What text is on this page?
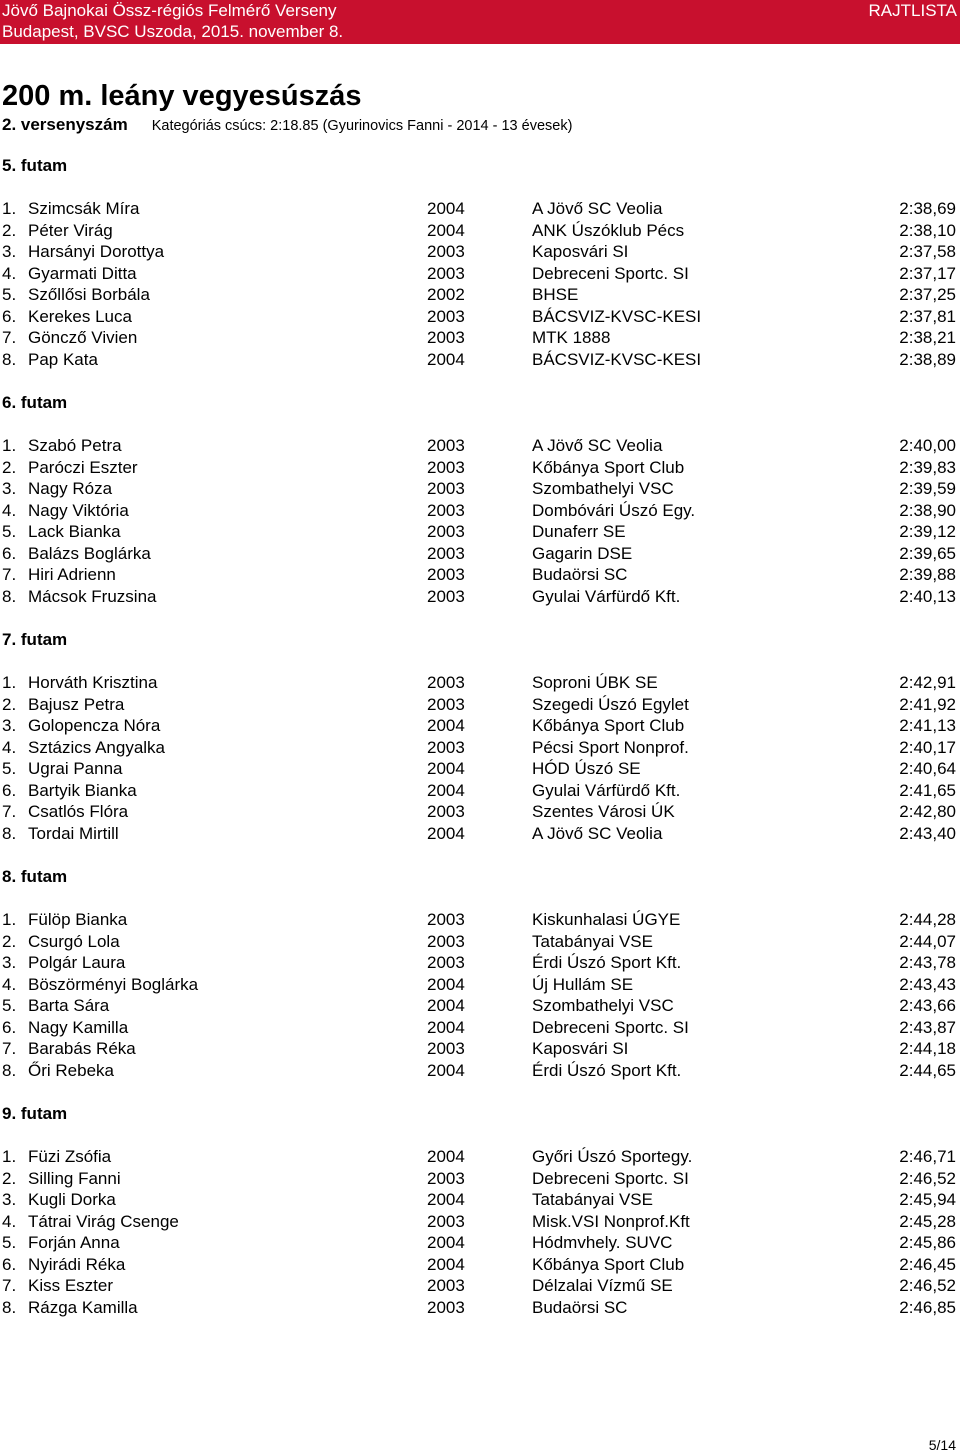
Jövő Bajnokai Össz-régiós Felmérő Verseny
Budapest, BVSC Uszoda, 2015. november 8.
RAJTLISTA
200 m. leány vegyesúszás
2. versenyszám Kategóriás csúcs: 2:18.85 (Gyurinovics Fanni - 2014 - 13 évesek)
5. futam
1. Szimcsák Míra	2004	A Jövő SC Veolia	2:38,69
2. Péter Virág	2004	ANK Úszóklub Pécs	2:38,10
3. Harsányi Dorottya	2003	Kaposvári SI	2:37,58
4. Gyarmati Ditta	2003	Debreceni Sportc. SI	2:37,17
5. Szőllősi Borbála	2002	BHSE	2:37,25
6. Kerekes Luca	2003	BÁCSVIZ-KVSC-KESI	2:37,81
7. Göncző Vivien	2003	MTK 1888	2:38,21
8. Pap Kata	2004	BÁCSVIZ-KVSC-KESI	2:38,89
6. futam
1. Szabó Petra	2003	A Jövő SC Veolia	2:40,00
2. Paróczi Eszter	2003	Kőbánya Sport Club	2:39,83
3. Nagy Róza	2003	Szombathelyi VSC	2:39,59
4. Nagy Viktória	2003	Dombóvári Úszó Egy.	2:38,90
5. Lack Bianka	2003	Dunaferr SE	2:39,12
6. Balázs Boglárka	2003	Gagarin DSE	2:39,65
7. Hiri Adrienn	2003	Budaörsi SC	2:39,88
8. Mácsok Fruzsina	2003	Gyulai Várfürdő Kft.	2:40,13
7. futam
1. Horváth Krisztina	2003	Soproni ÚBK SE	2:42,91
2. Bajusz Petra	2003	Szegedi Úszó Egylet	2:41,92
3. Golopencza Nóra	2004	Kőbánya Sport Club	2:41,13
4. Sztázics Angyalka	2003	Pécsi Sport Nonprof.	2:40,17
5. Ugrai Panna	2004	HÓD Úszó SE	2:40,64
6. Bartyik Bianka	2004	Gyulai Várfürdő Kft.	2:41,65
7. Csatlós Flóra	2003	Szentes Városi ÚK	2:42,80
8. Tordai Mirtill	2004	A Jövő SC Veolia	2:43,40
8. futam
1. Fülöp Bianka	2003	Kiskunhalasi ÚGYE	2:44,28
2. Csurgó Lola	2003	Tatabányai VSE	2:44,07
3. Polgár Laura	2003	Érdi Úszó Sport Kft.	2:43,78
4. Böszörményi Boglárka	2004	Új Hullám SE	2:43,43
5. Barta Sára	2004	Szombathelyi VSC	2:43,66
6. Nagy Kamilla	2004	Debreceni Sportc. SI	2:43,87
7. Barabás Réka	2003	Kaposvári SI	2:44,18
8. Őri Rebeka	2004	Érdi Úszó Sport Kft.	2:44,65
9. futam
1. Füzi Zsófia	2004	Győri Úszó Sportegy.	2:46,71
2. Silling Fanni	2003	Debreceni Sportc. SI	2:46,52
3. Kugli Dorka	2004	Tatabányai VSE	2:45,94
4. Tátrai Virág Csenge	2003	Misk.VSI Nonprof.Kft	2:45,28
5. Forján Anna	2004	Hódmvhely. SUVC	2:45,86
6. Nyirádi Réka	2004	Kőbánya Sport Club	2:46,45
7. Kiss Eszter	2003	Délzalai Vízmű SE	2:46,52
8. Rázga Kamilla	2003	Budaörsi SC	2:46,85
5/14
